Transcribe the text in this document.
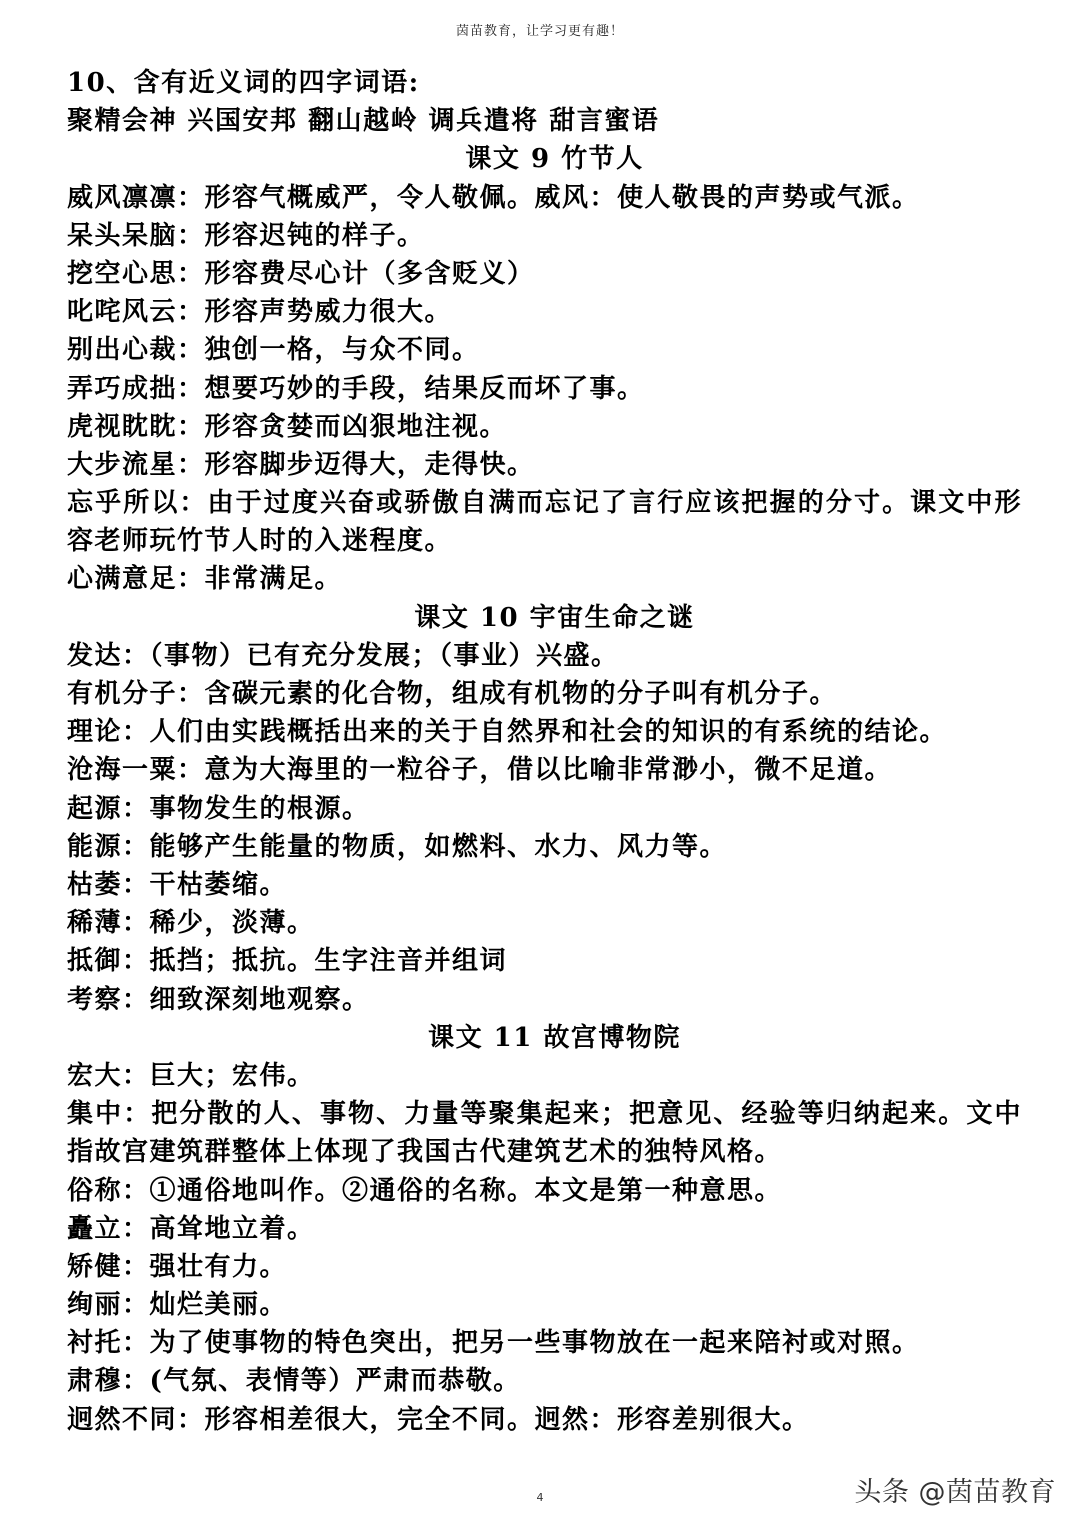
茵苗教育，让学习更有趣！
10、含有近义词的四字词语:
聚精会神 兴国安邦 翻山越岭 调兵遣将 甜言蜜语
课文 9 竹节人
威风凛凛：形容气概威严，令人敬佩。威风：使人敬畏的声势或气派。
呆头呆脑：形容迟钝的样子。
挖空心思：形容费尽心计（多含贬义）
叱咤风云：形容声势威力很大。
别出心裁：独创一格，与众不同。
弄巧成拙：想要巧妙的手段，结果反而坏了事。
虎视眈眈：形容贪婪而凶狠地注视。
大步流星：形容脚步迈得大，走得快。
忘乎所以：由于过度兴奋或骄傲自满而忘记了言行应该把握的分寸。课文中形容老师玩竹节人时的入迷程度。
心满意足：非常满足。
课文 10 宇宙生命之谜
发达：（事物）已有充分发展；（事业）兴盛。
有机分子：含碳元素的化合物，组成有机物的分子叫有机分子。
理论：人们由实践概括出来的关于自然界和社会的知识的有系统的结论。
沧海一粟：意为大海里的一粒谷子，借以比喻非常渺小，微不足道。
起源：事物发生的根源。
能源：能够产生能量的物质，如燃料、水力、风力等。
枯萎：干枯萎缩。
稀薄：稀少，淡薄。
抵御：抵挡；抵抗。生字注音并组词
考察：细致深刻地观察。
课文 11 故宫博物院
宏大：巨大；宏伟。
集中：把分散的人、事物、力量等聚集起来；把意见、经验等归纳起来。文中指故宫建筑群整体上体现了我国古代建筑艺术的独特风格。
俗称：①通俗地叫作。②通俗的名称。本文是第一种意思。
矗立：高耸地立着。
矫健：强壮有力。
绚丽：灿烂美丽。
衬托：为了使事物的特色突出，把另一些事物放在一起来陪衬或对照。
肃穆：(气氛、表情等）严肃而恭敬。
迥然不同：形容相差很大，完全不同。迥然：形容差别很大。
4	头条 @茵苗教育
